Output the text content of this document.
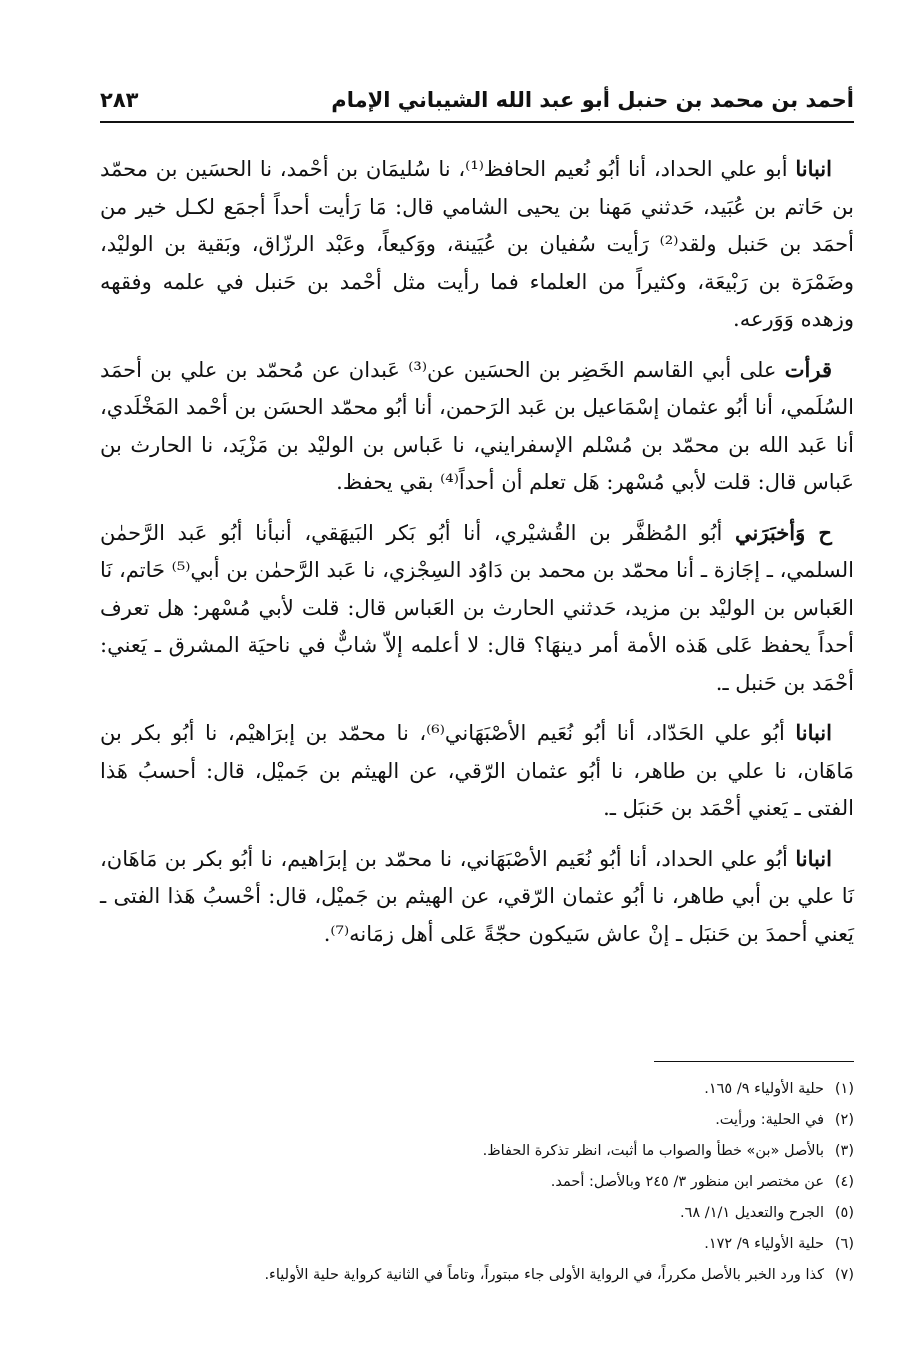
أحمد بن محمد بن حنبل أبو عبد الله الشيباني الإمام
٢٨٣

انبانا أبو علي الحداد، أنا أبُو نُعيم الحافظ⁽¹⁾، نا سُليمَان بن أحْمد، نا الحسَين بن محمّد بن حَاتم بن عُبَيد، حَدثني مَهنا بن يحيى الشامي قال: مَا رَأيت أحداً أجمَع لكـل خير من أحمَد بن حَنبل ولقد⁽²⁾ رَأيت سُفيان بن عُيَينة، ووَكيعاً، وعَبْد الرزّاق، وبَقية بن الوليْد، وضَمْرَة بن رَبْيعَة، وكثيراً من العلماء فما رأيت مثل أحْمد بن حَنبل في علمه وفقهه وزهده وَوَرعه.

قرأت على أبي القاسم الخَضِر بن الحسَين عن⁽³⁾ عَبدان عن مُحمّد بن علي بن أحمَد السُلَمي، أنا أبُو عثمان إسْمَاعيل بن عَبد الرَحمن، أنا أبُو محمّد الحسَن بن أحْمد المَخْلَدي، أنا عَبد الله بن محمّد بن مُسْلم الإسفرايني، نا عَباس بن الوليْد بن مَزْيَد، نا الحارث بن عَباس قال: قلت لأبي مُسْهر: هَل تعلم أن أحداً⁽⁴⁾ بقي يحفظ.

ح وَأخبَرَني أبُو المُظفَّر بن القُشيْري، أنا أبُو بَكر البَيهَقي، أنبأنا أبُو عَبد الرَّحمٰن السلمي، ـ إجَازة ـ أنا محمّد بن محمد بن دَاوُد السِجْزي، نا عَبد الرَّحمٰن بن أبي⁽⁵⁾ حَاتم، نَا العَباس بن الوليْد بن مزيد، حَدثني الحارث بن العَباس قال: قلت لأبي مُسْهر: هل تعرف أحداً يحفظ عَلى هَذه الأمة أمر دينهَا؟ قال: لا أعلمه إلاّ شابٌّ في ناحيَة المشرق ـ يَعني: أحْمَد بن حَنبل ـ.

انبانا أبُو علي الحَدّاد، أنا أبُو نُعَيم الأصْبَهَاني⁽⁶⁾، نا محمّد بن إبرَاهيْم، نا أبُو بكر بن مَاهَان، نا علي بن طاهر، نا أبُو عثمان الرّقي، عن الهيثم بن جَميْل، قال: أحسبُ هَذا الفتى ـ يَعني أحْمَد بن حَنبَل ـ.

انبانا أبُو علي الحداد، أنا أبُو نُعَيم الأصْبَهَاني، نا محمّد بن إبرَاهيم، نا أبُو بكر بن مَاهَان، نَا علي بن أبي طاهر، نا أبُو عثمان الرّقي، عن الهيثم بن جَميْل، قال: أحْسبُ هَذا الفتى ـ يَعني أحمدَ بن حَنبَل ـ إنْ عاش سَيكون حجّةً عَلى أهل زمَانه⁽⁷⁾.

(١)حلية الأولياء ٩/ ١٦٥.
(٢)في الحلية: ورأيت.
(٣)بالأصل «بن» خطأ والصواب ما أثبت، انظر تذكرة الحفاظ.
(٤)عن مختصر ابن منظور ٣/ ٢٤٥ وبالأصل: أحمد.
(٥)الجرح والتعديل ١/١/ ٦٨.
(٦)حلية الأولياء ٩/ ١٧٢.
(٧)كذا ورد الخبر بالأصل مكرراً، في الرواية الأولى جاء مبتوراً، وتاماً في الثانية كرواية حلية الأولياء.
